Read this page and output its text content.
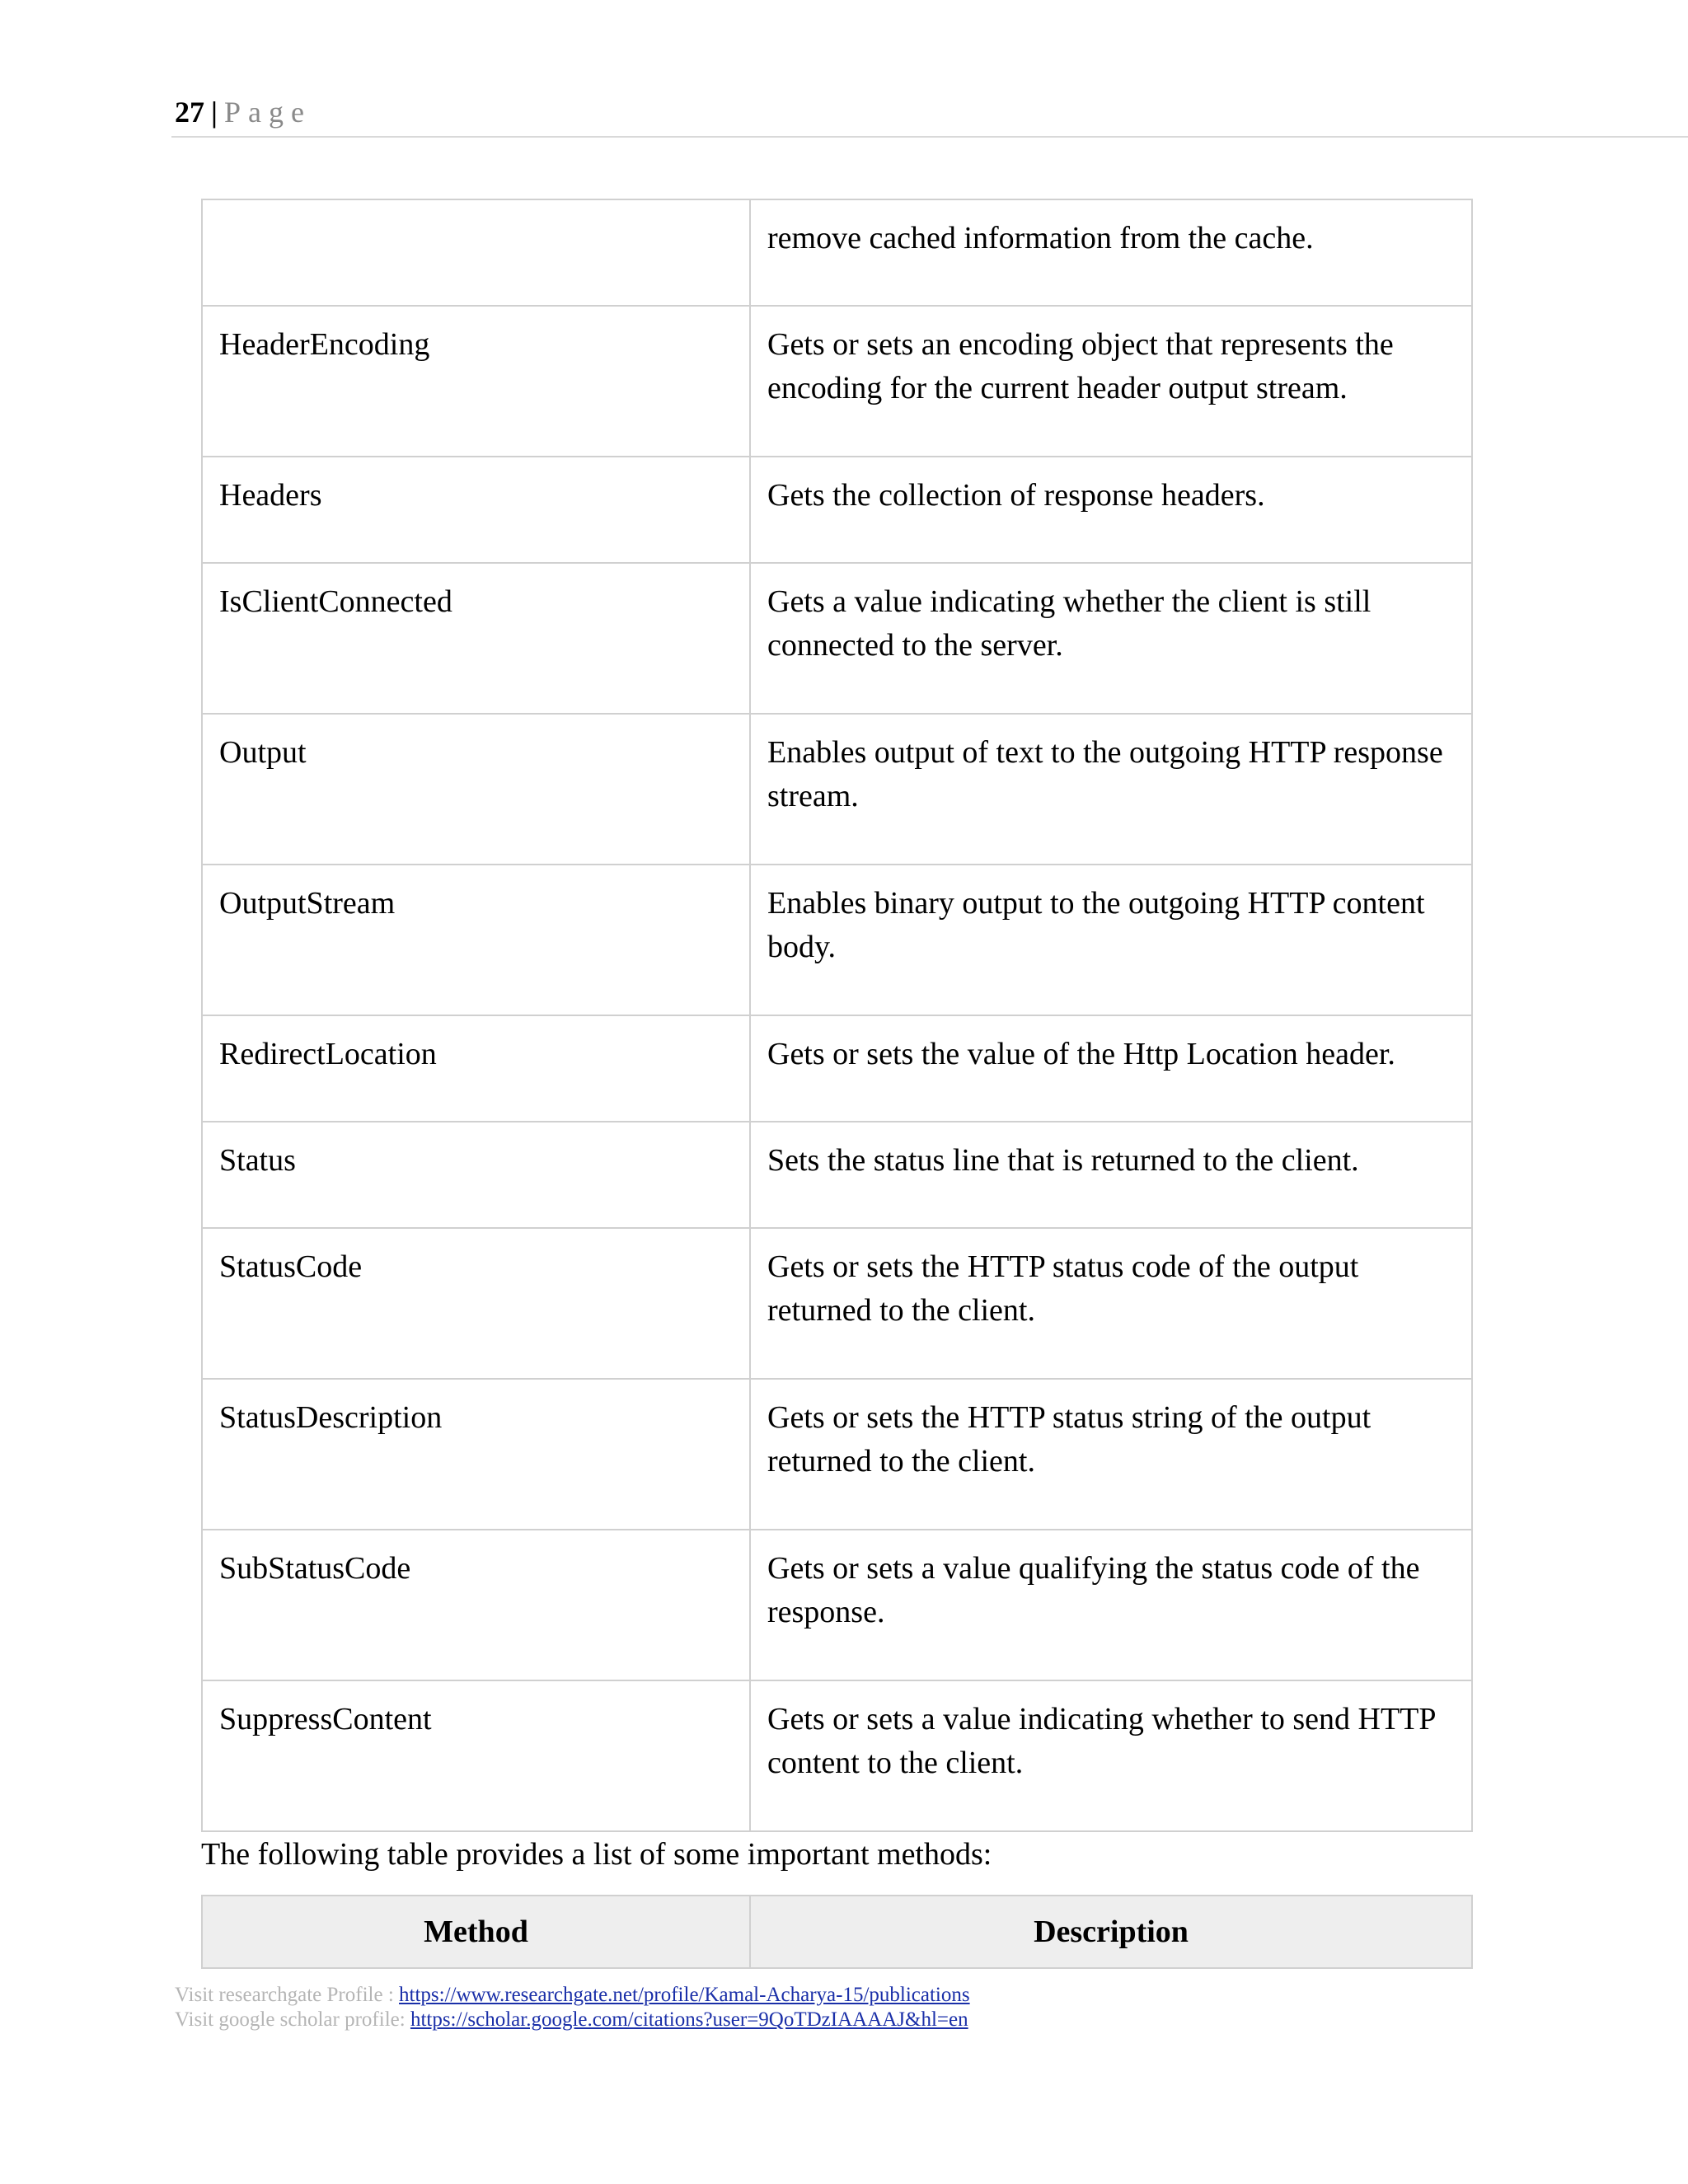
27 | Page
	remove cached information from the cache.
HeaderEncoding	Gets or sets an encoding object that represents the encoding for the current header output stream.
Headers	Gets the collection of response headers.
IsClientConnected	Gets a value indicating whether the client is still connected to the server.
Output	Enables output of text to the outgoing HTTP response stream.
OutputStream	Enables binary output to the outgoing HTTP content body.
RedirectLocation	Gets or sets the value of the Http Location header.
Status	Sets the status line that is returned to the client.
StatusCode	Gets or sets the HTTP status code of the output returned to the client.
StatusDescription	Gets or sets the HTTP status string of the output returned to the client.
SubStatusCode	Gets or sets a value qualifying the status code of the response.
SuppressContent	Gets or sets a value indicating whether to send HTTP content to the client.
The following table provides a list of some important methods:
Method	Description
Visit researchgate Profile : https://www.researchgate.net/profile/Kamal-Acharya-15/publications
Visit google scholar profile: https://scholar.google.com/citations?user=9QoTDzIAAAAJ&hl=en
